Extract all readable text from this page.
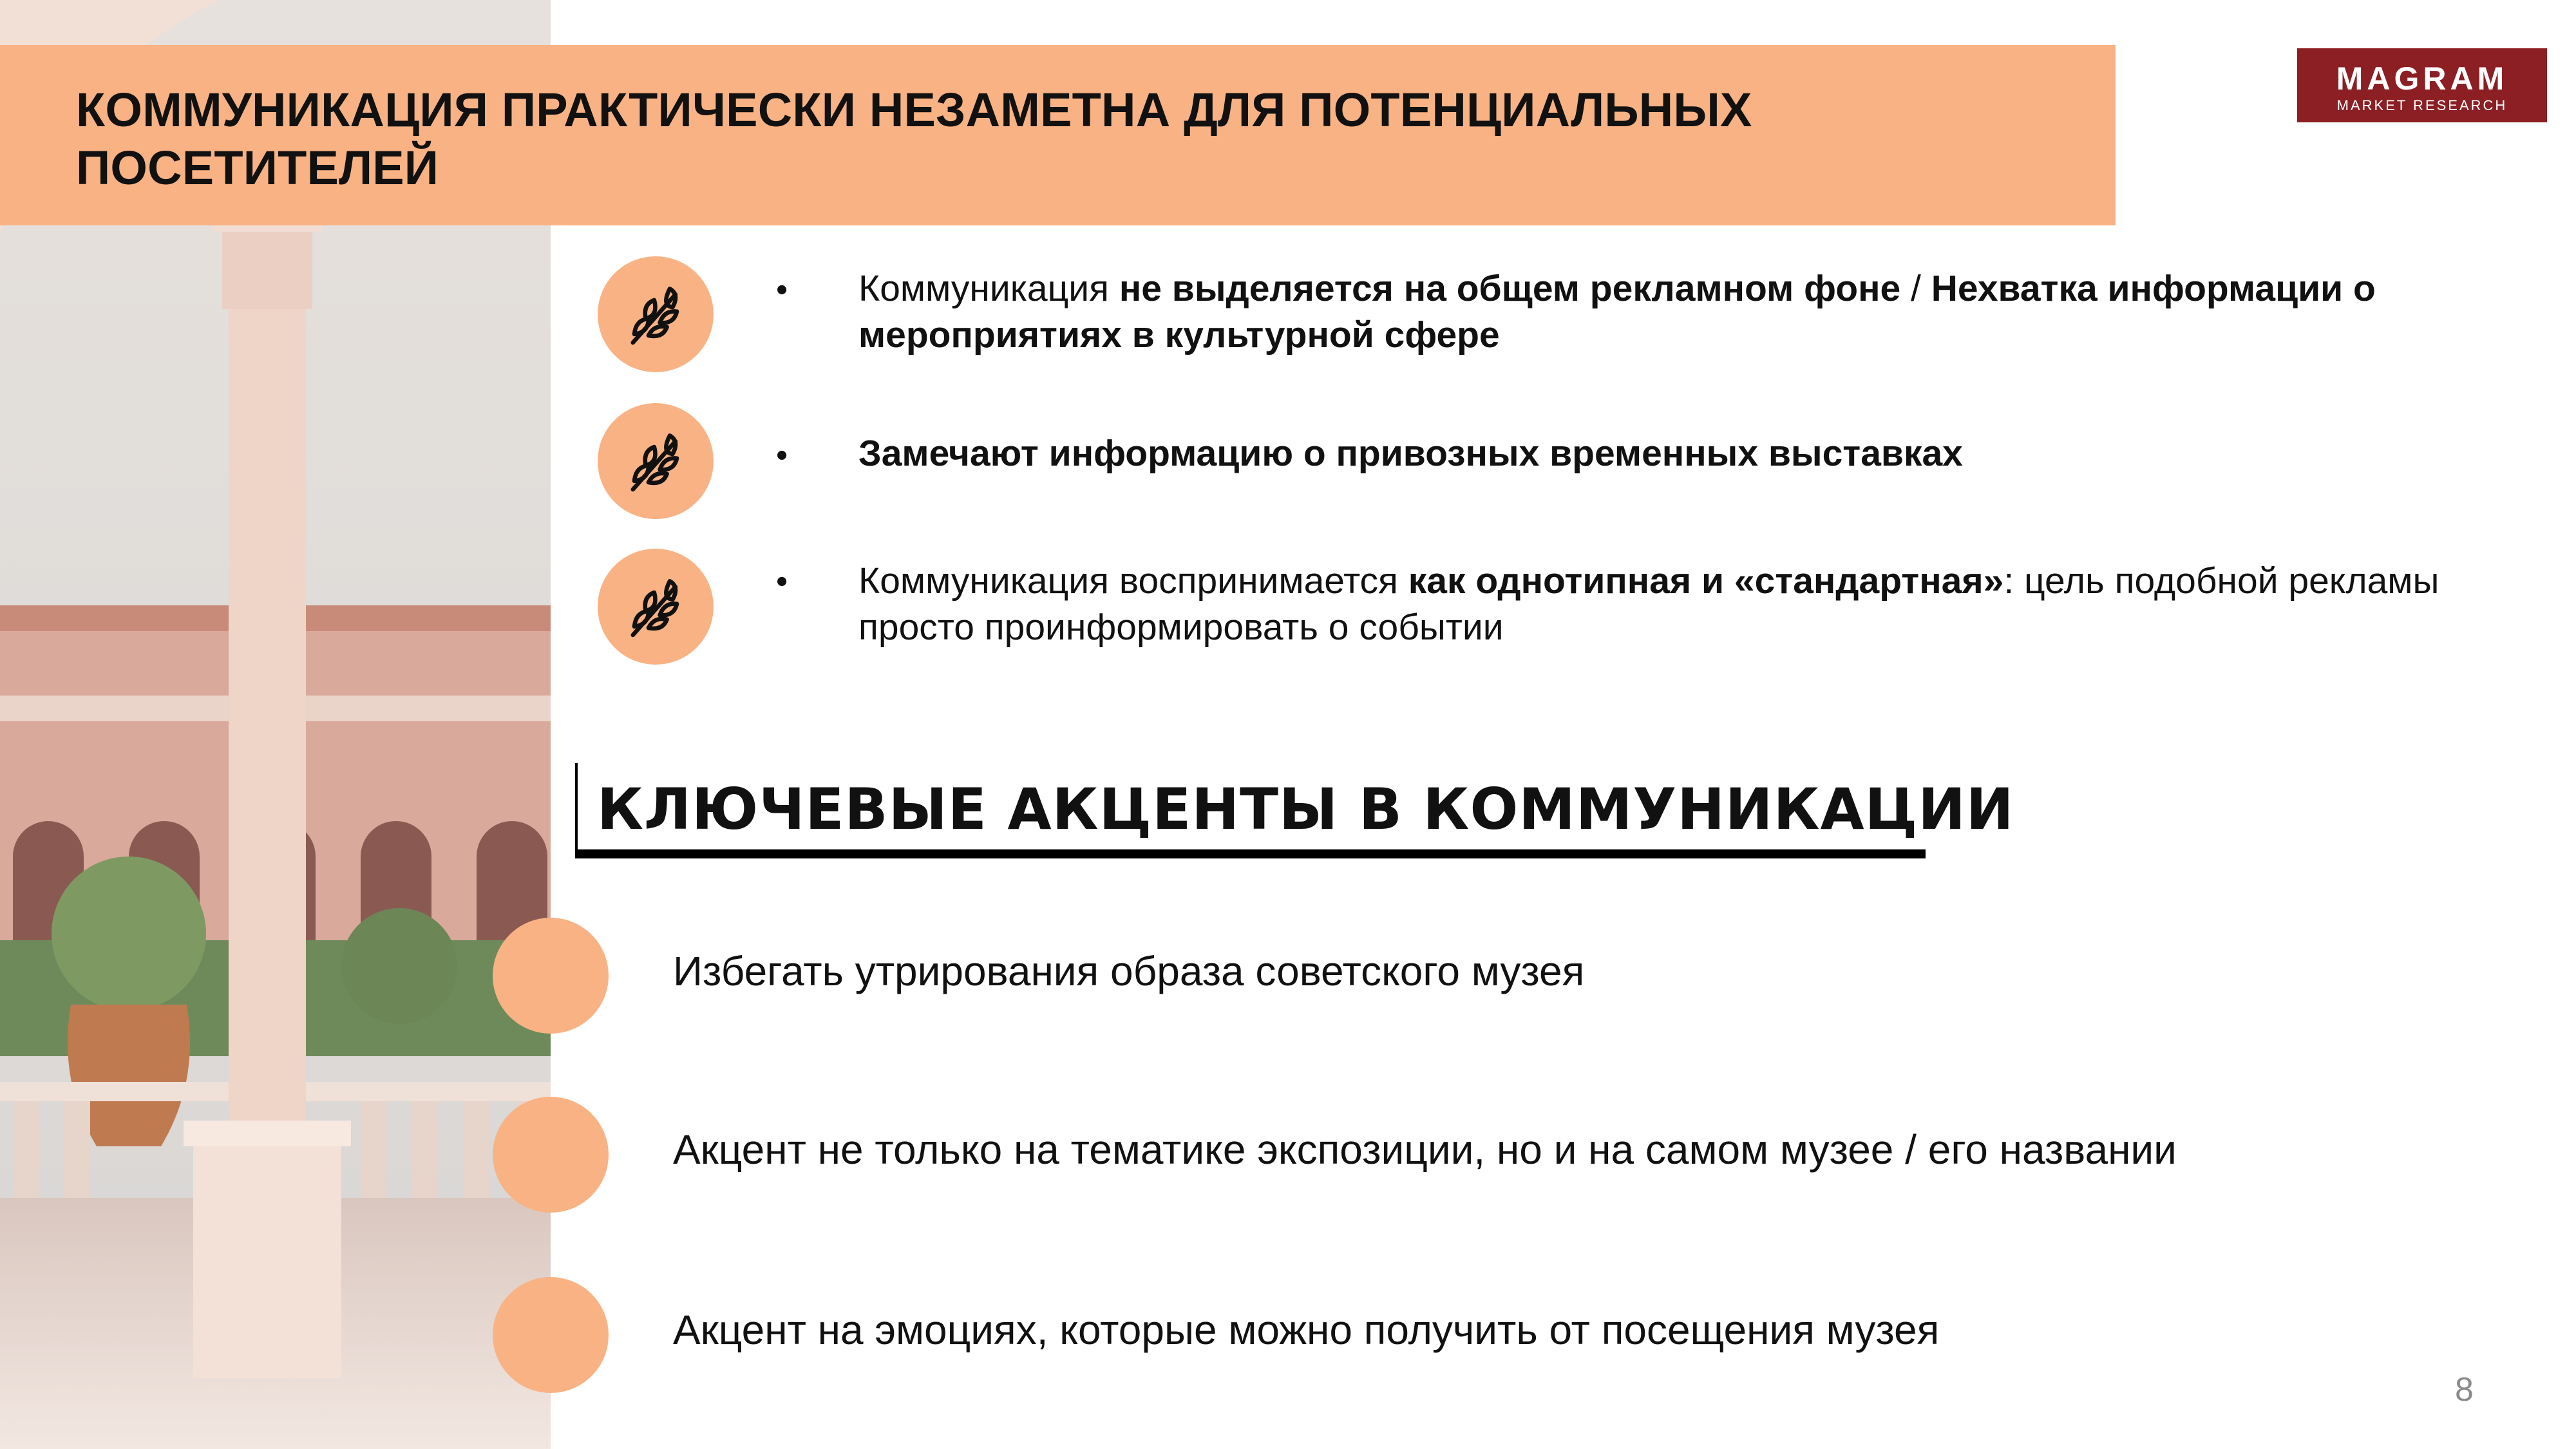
КОММУНИКАЦИЯ ПРАКТИЧЕСКИ НЕЗАМЕТНА ДЛЯ ПОТЕНЦИАЛЬНЫХ ПОСЕТИТЕЛЕЙ
MAGRAM
MARKET RESEARCH
• Коммуникация не выделяется на общем рекламном фоне / Нехватка информации о мероприятиях в культурной сфере
• Замечают информацию о привозных временных выставках
• Коммуникация воспринимается как однотипная и «стандартная»: цель подобной рекламы просто проинформировать о событии
КЛЮЧЕВЫЕ АКЦЕНТЫ В КОММУНИКАЦИИ
Избегать утрирования образа советского музея
Акцент не только на тематике экспозиции, но и на самом музее / его названии
Акцент на эмоциях, которые можно получить от посещения музея
8
